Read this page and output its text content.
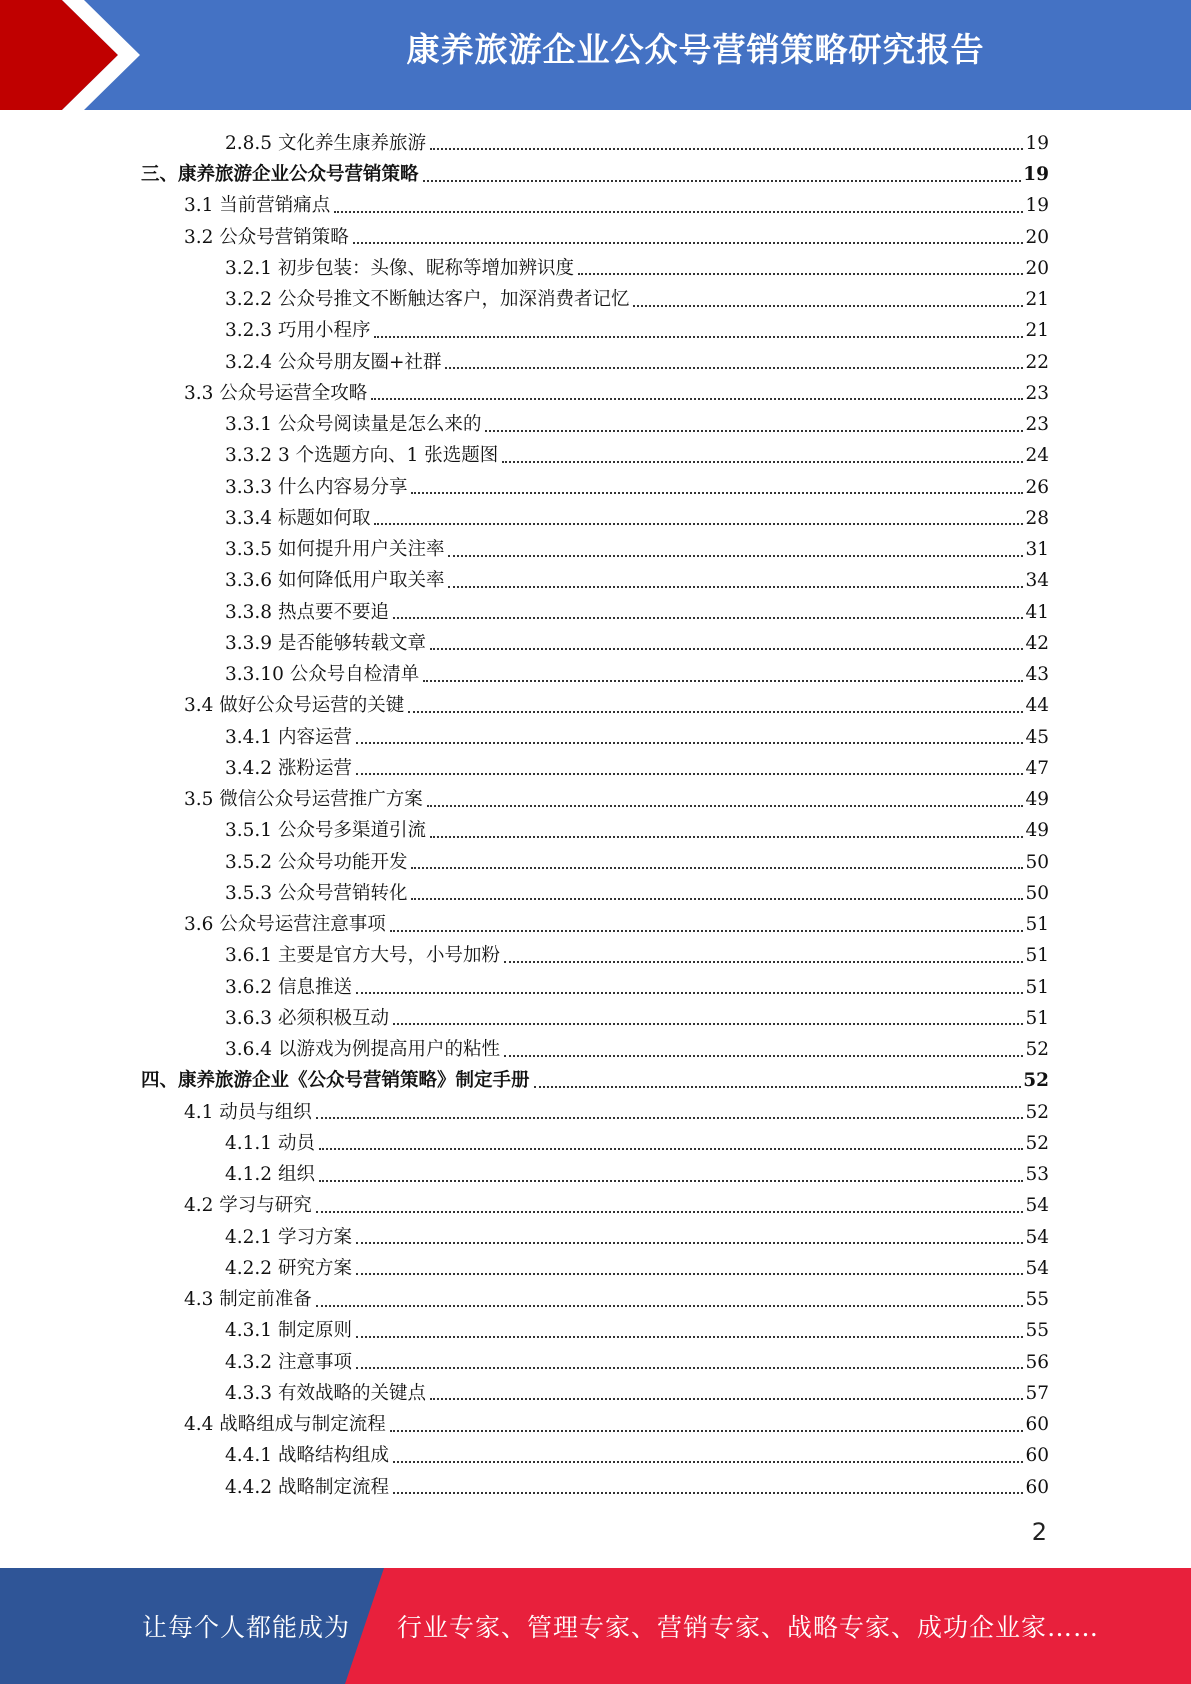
康养旅游企业公众号营销策略研究报告
2.8.5 文化养生康养旅游	19
三、康养旅游企业公众号营销策略	19
3.1 当前营销痛点	19
3.2 公众号营销策略	20
3.2.1 初步包装：头像、昵称等增加辨识度	20
3.2.2 公众号推文不断触达客户，加深消费者记忆	21
3.2.3 巧用小程序	21
3.2.4 公众号朋友圈+社群	22
3.3 公众号运营全攻略	23
3.3.1 公众号阅读量是怎么来的	23
3.3.2 3 个选题方向、1 张选题图	24
3.3.3 什么内容易分享	26
3.3.4 标题如何取	28
3.3.5 如何提升用户关注率	31
3.3.6 如何降低用户取关率	34
3.3.8 热点要不要追	41
3.3.9 是否能够转载文章	42
3.3.10 公众号自检清单	43
3.4 做好公众号运营的关键	44
3.4.1 内容运营	45
3.4.2 涨粉运营	47
3.5 微信公众号运营推广方案	49
3.5.1 公众号多渠道引流	49
3.5.2 公众号功能开发	50
3.5.3 公众号营销转化	50
3.6 公众号运营注意事项	51
3.6.1 主要是官方大号，小号加粉	51
3.6.2 信息推送	51
3.6.3 必须积极互动	51
3.6.4 以游戏为例提高用户的粘性	52
四、康养旅游企业《公众号营销策略》制定手册	52
4.1 动员与组织	52
4.1.1 动员	52
4.1.2 组织	53
4.2 学习与研究	54
4.2.1 学习方案	54
4.2.2 研究方案	54
4.3 制定前准备	55
4.3.1 制定原则	55
4.3.2 注意事项	56
4.3.3 有效战略的关键点	57
4.4 战略组成与制定流程	60
4.4.1 战略结构组成	60
4.4.2 战略制定流程	60
2
让每个人都能成为 行业专家、管理专家、营销专家、战略专家、成功企业家……
